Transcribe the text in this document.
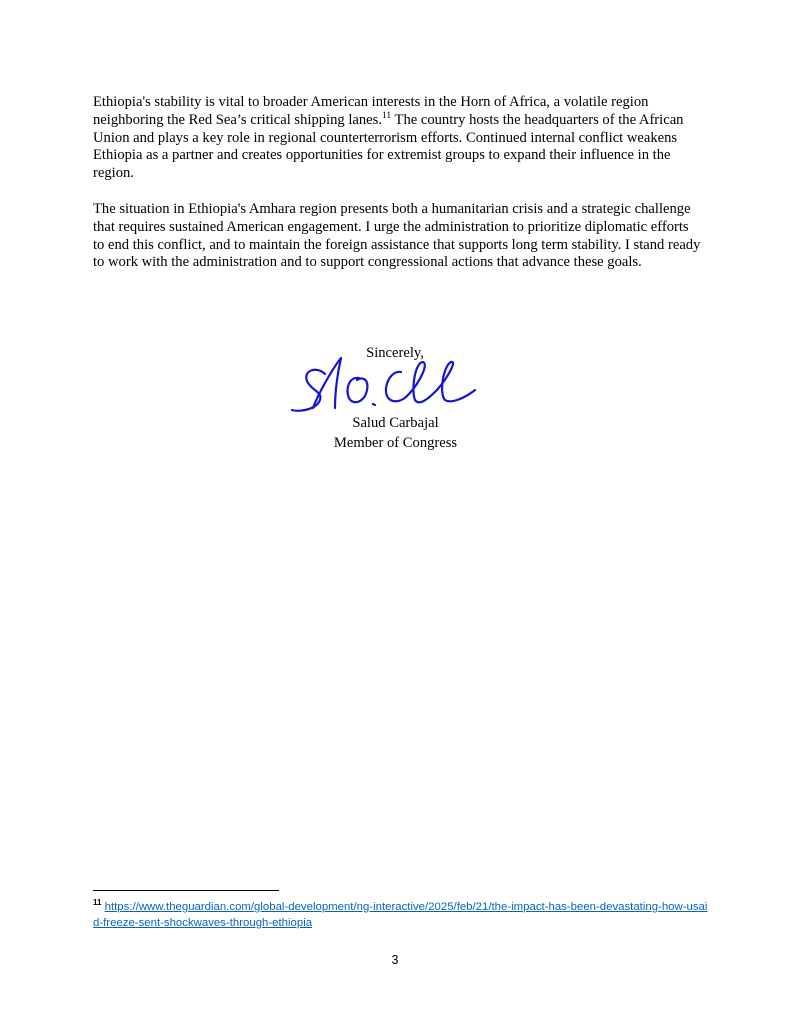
Ethiopia's stability is vital to broader American interests in the Horn of Africa, a volatile region neighboring the Red Sea’s critical shipping lanes.$^{11}$ The country hosts the headquarters of the African Union and plays a key role in regional counterterrorism efforts. Continued internal conflict weakens Ethiopia as a partner and creates opportunities for extremist groups to expand their influence in the region.

The situation in Ethiopia's Amhara region presents both a humanitarian crisis and a strategic challenge that requires sustained American engagement. I urge the administration to prioritize diplomatic efforts to end this conflict, and to maintain the foreign assistance that supports long term stability. I stand ready to work with the administration and to support congressional actions that advance these goals.

Sincerely,
Salud Carbajal
Member of Congress
$^{11}$ https://www.theguardian.com/global-development/ng-interactive/2025/feb/21/the-impact-has-been-devastating-how-usaid-freeze-sent-shockwaves-through-ethiopia
3
